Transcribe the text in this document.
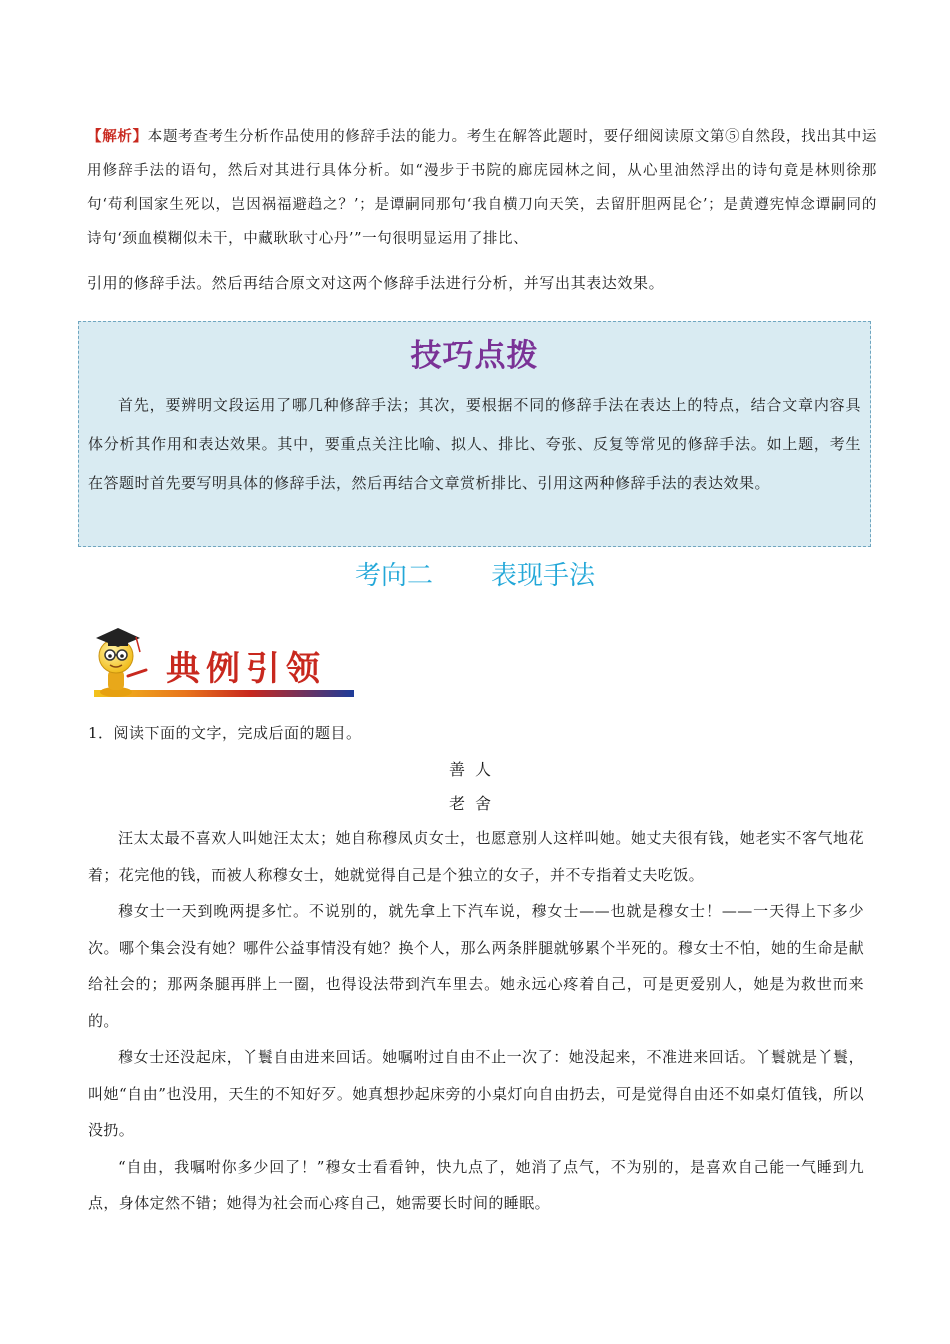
【解析】本题考查考生分析作品使用的修辞手法的能力。考生在解答此题时，要仔细阅读原文第⑤自然段，找出其中运用修辞手法的语句，然后对其进行具体分析。如“漫步于书院的廊庑园林之间，从心里油然浮出的诗句竟是林则徐那句‘苟利国家生死以，岂因祸福避趋之？’；是谭嗣同那句‘我自横刀向天笑，去留肝胆两昆仑’；是黄遵宪悼念谭嗣同的诗句‘颈血模糊似未干，中藏耿耿寸心丹’”一句很明显运用了排比、
引用的修辞手法。然后再结合原文对这两个修辞手法进行分析，并写出其表达效果。
技巧点拨
首先，要辨明文段运用了哪几种修辞手法；其次，要根据不同的修辞手法在表达上的特点，结合文章内容具体分析其作用和表达效果。其中，要重点关注比喻、拟人、排比、夸张、反复等常见的修辞手法。如上题，考生在答题时首先要写明具体的修辞手法，然后再结合文章赏析排比、引用这两种修辞手法的表达效果。
考向二 表现手法
典例引领
1．阅读下面的文字，完成后面的题目。
善人
老舍

汪太太最不喜欢人叫她汪太太；她自称穆凤贞女士，也愿意别人这样叫她。她丈夫很有钱，她老实不客气地花着；花完他的钱，而被人称穆女士，她就觉得自己是个独立的女子，并不专指着丈夫吃饭。

穆女士一天到晚两提多忙。不说别的，就先拿上下汽车说，穆女士——也就是穆女士！——一天得上下多少次。哪个集会没有她？哪件公益事情没有她？换个人，那么两条胖腿就够累个半死的。穆女士不怕，她的生命是献给社会的；那两条腿再胖上一圈，也得设法带到汽车里去。她永远心疼着自己，可是更爱别人，她是为救世而来的。

穆女士还没起床，丫鬟自由进来回话。她嘱咐过自由不止一次了：她没起来，不准进来回话。丫鬟就是丫鬟，叫她“自由”也没用，天生的不知好歹。她真想抄起床旁的小桌灯向自由扔去，可是觉得自由还不如桌灯值钱，所以没扔。

“自由，我嘱咐你多少回了！”穆女士看看钟，快九点了，她消了点气，不为别的，是喜欢自己能一气睡到九点，身体定然不错；她得为社会而心疼自己，她需要长时间的睡眠。
